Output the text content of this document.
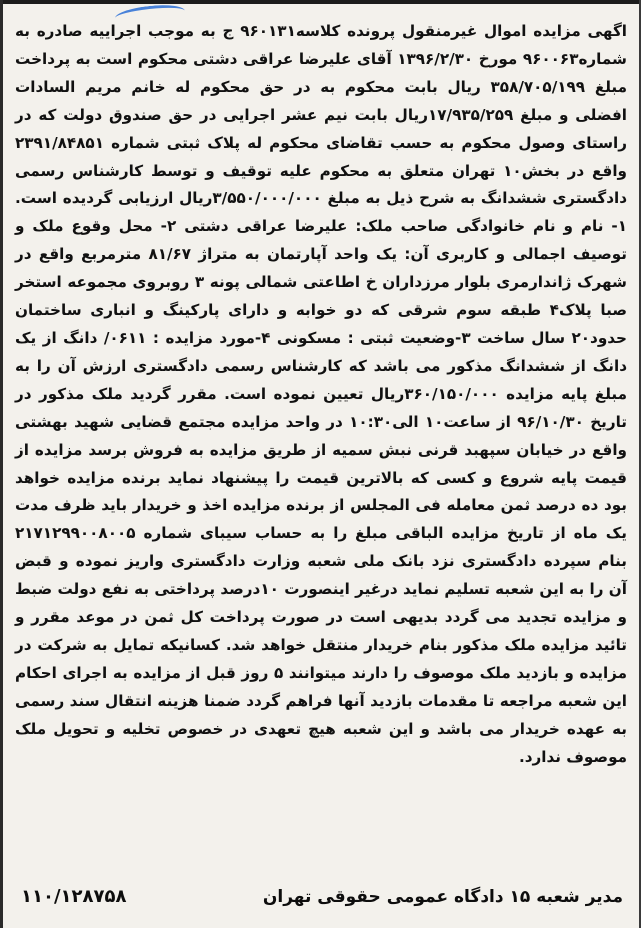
اگهی مزایده اموال غیرمنقول پرونده کلاسه۹۶۰۱۳۱ ج به موجب اجراییه صادره به شماره۹۶۰۰۶۳ مورخ ۱۳۹۶/۲/۳۰ آقای علیرضا عراقی دشتی محکوم است به پرداخت مبلغ ۳۵۸/۷۰۵/۱۹۹ ریال بابت محکوم به در حق محکوم له خانم مریم السادات افضلی و مبلغ ۱۷/۹۳۵/۲۵۹ریال بابت نیم عشر اجرایی در حق صندوق دولت که در راستای وصول محکوم به حسب تقاضای محکوم له پلاک ثبتی شماره ۲۳۹۱/۸۴۸۵۱ واقع در بخش۱۰ تهران متعلق به محکوم علیه توقیف و توسط کارشناس رسمی دادگستری ششدانگ به شرح ذیل به مبلغ ۳/۵۵۰/۰۰۰/۰۰۰ریال ارزیابی گردیده است. ۱- نام و نام خانوادگی صاحب ملک: علیرضا عراقی دشتی ۲- محل وقوع ملک و توصیف اجمالی و کاربری آن: یک واحد آپارتمان به متراژ ۸۱/۶۷ مترمربع واقع در شهرک ژاندارمری بلوار مرزداران خ اطاعتی شمالی پونه ۳ روبروی مجموعه استخر صبا پلاک۴ طبقه سوم شرقی که دو خوابه و دارای پارکینگ و انباری ساختمان حدود۲۰ سال ساخت ۳-وضعیت ثبتی : مسکونی ۴-مورد مزایده : ۰۶۱۱/ دانگ از یک دانگ از ششدانگ مذکور می باشد که کارشناس رسمی دادگستری ارزش آن را به مبلغ پایه مزایده ۳۶۰/۱۵۰/۰۰۰ریال تعیین نموده است. مقرر گردید ملک مذکور در تاریخ ۹۶/۱۰/۳۰ از ساعت۱۰ الی۱۰:۳۰ در واحد مزایده مجتمع قضایی شهید بهشتی واقع در خیابان سپهبد قرنی نبش سمیه از طریق مزایده به فروش برسد مزایده از قیمت پایه شروع و کسی که بالاترین قیمت را پیشنهاد نماید برنده مزایده خواهد بود ده درصد ثمن معامله فی المجلس از برنده مزایده اخذ و خریدار باید ظرف مدت یک ماه از تاریخ مزایده الباقی مبلغ را به حساب سیبای شماره ۲۱۷۱۲۹۹۰۰۸۰۰۵ بنام سپرده دادگستری نزد بانک ملی شعبه وزارت دادگستری واریز نموده و قبض آن را به این شعبه تسلیم نماید درغیر اینصورت ۱۰درصد پرداختی به نفع دولت ضبط و مزایده تجدید می گردد بدیهی است در صورت پرداخت کل ثمن در موعد مقرر و تائید مزایده ملک مذکور بنام خریدار منتقل خواهد شد. کسانیکه تمایل به شرکت در مزایده و بازدید ملک موصوف را دارند میتوانند ۵ روز قبل از مزایده به اجرای احکام این شعبه مراجعه تا مقدمات بازدید آنها فراهم گردد ضمنا هزینه انتقال سند رسمی به عهده خریدار می باشد و این شعبه هیچ تعهدی در خصوص تخلیه و تحویل ملک موصوف ندارد.

مدیر شعبه ۱۵ دادگاه عمومی حقوقی تهران
۱۱۰/۱۲۸۷۵۸
